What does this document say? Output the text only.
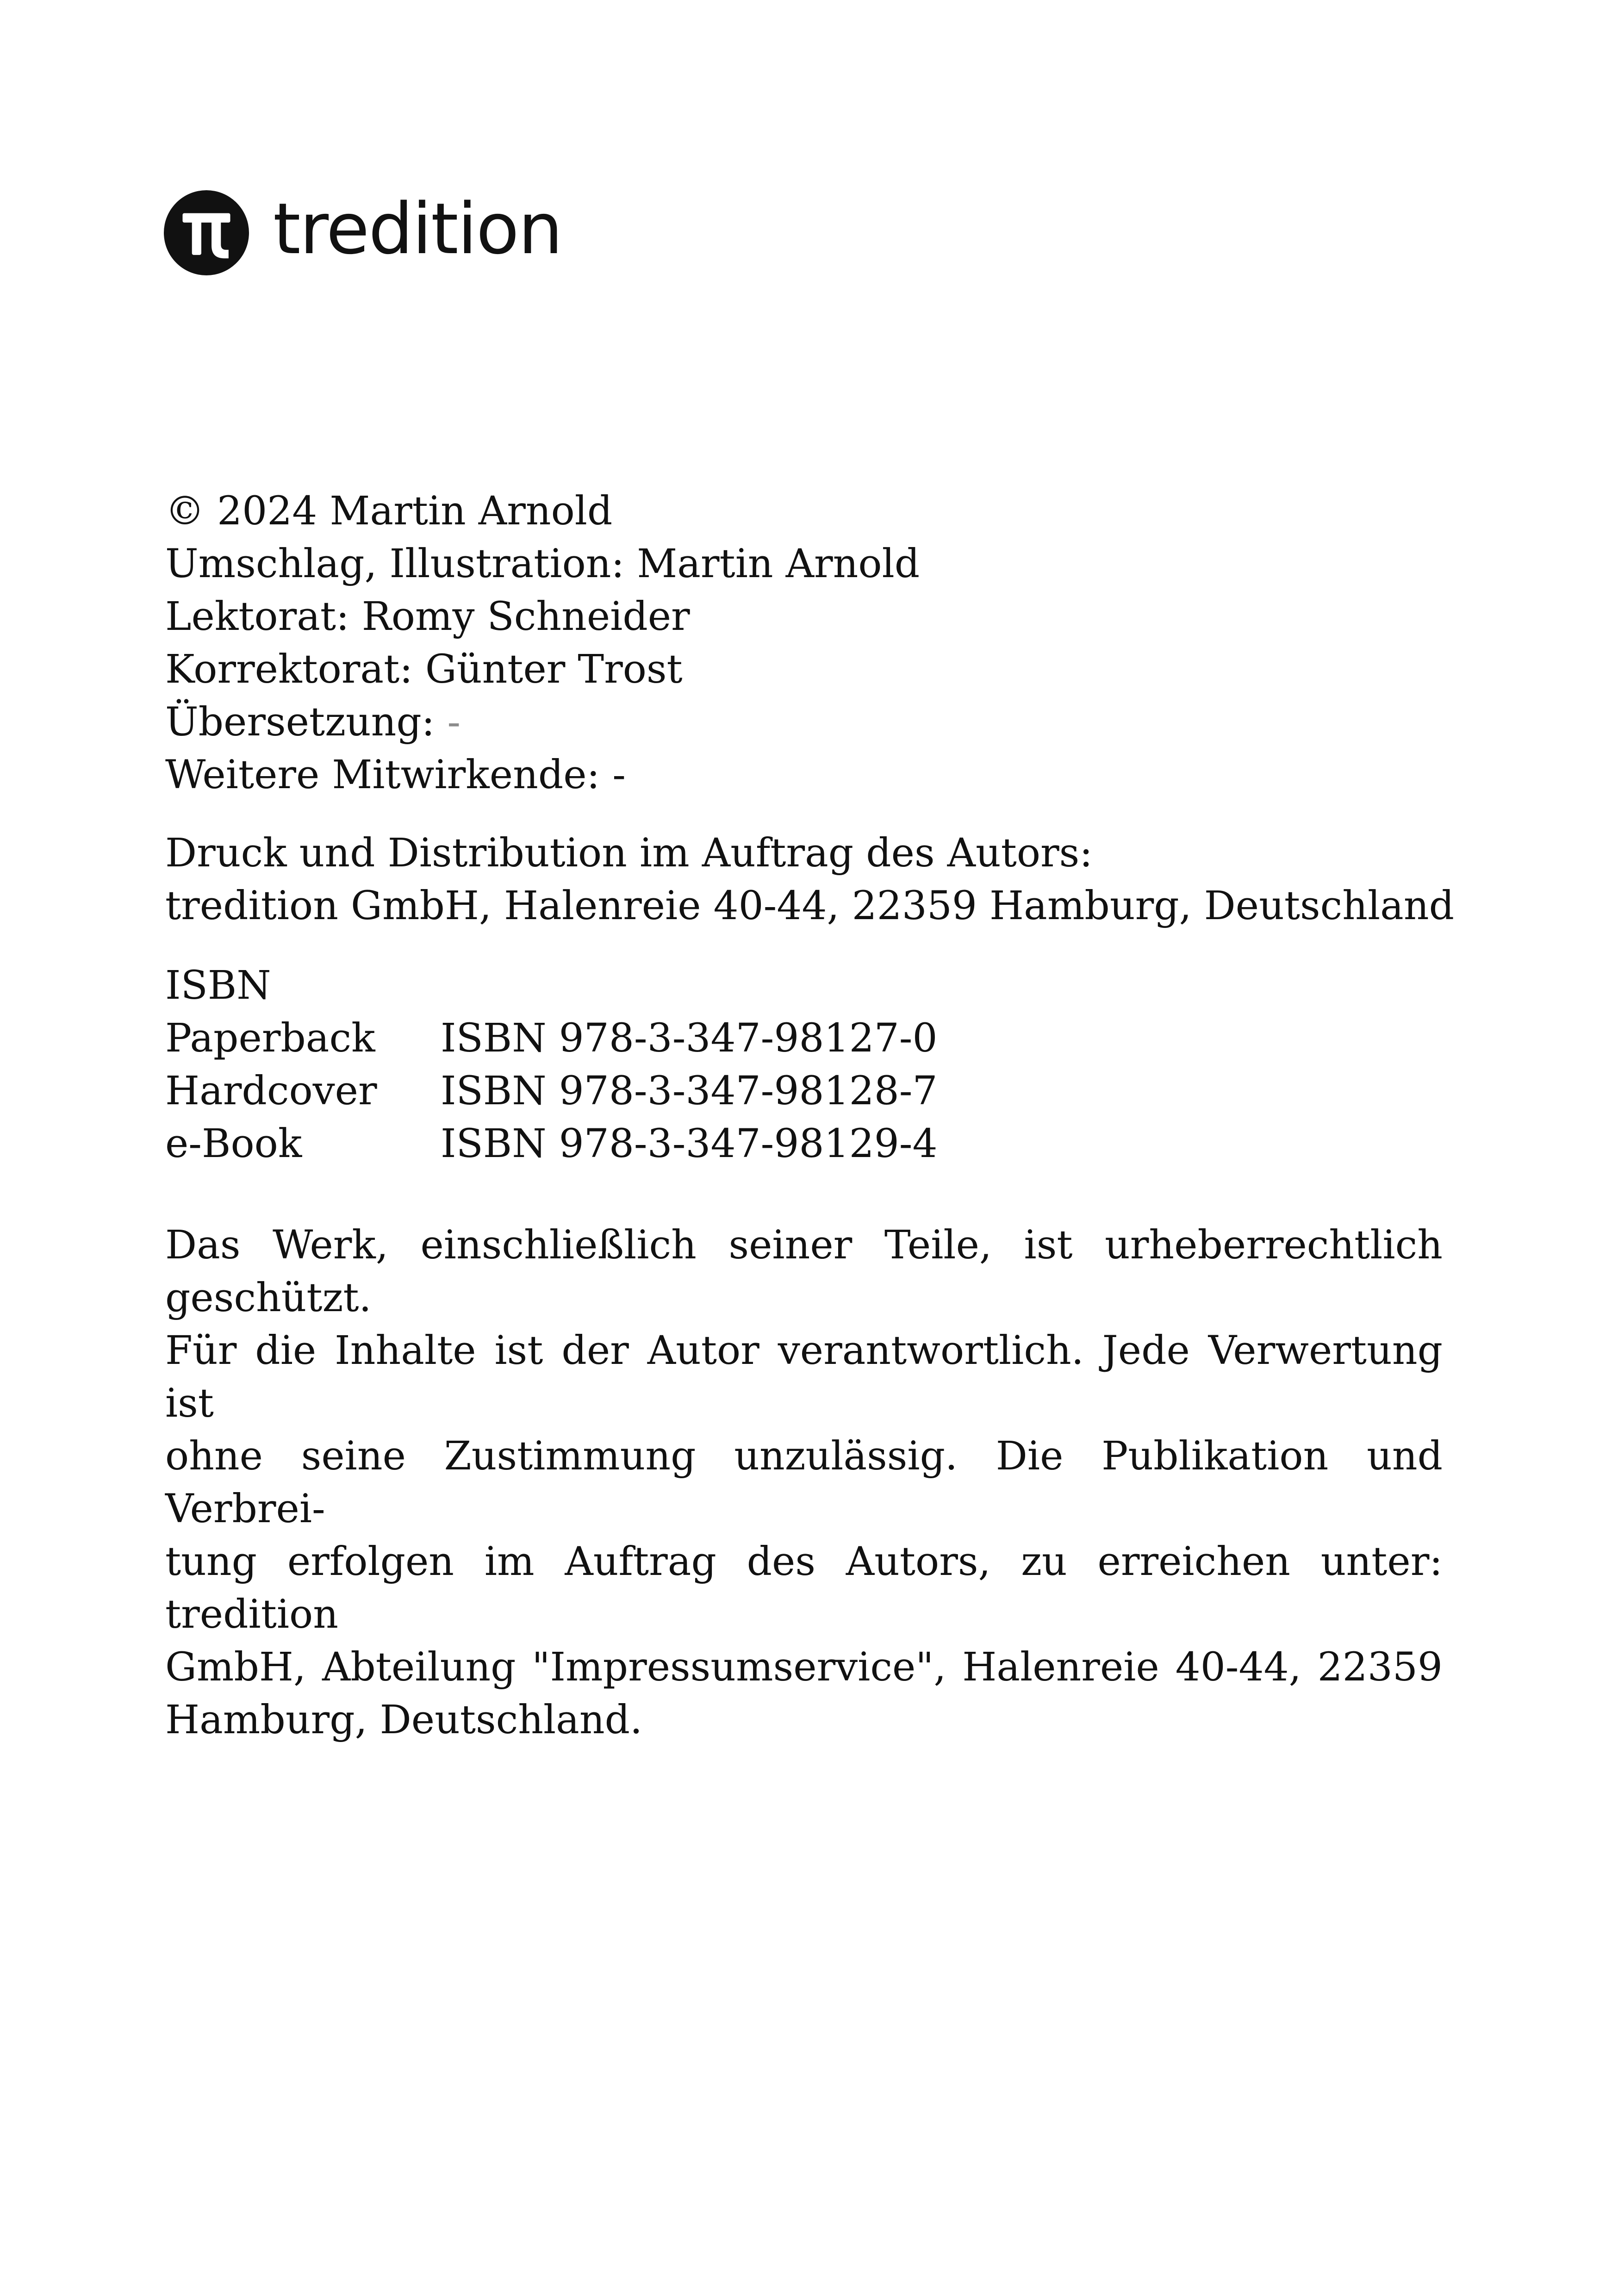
tredition
© 2024 Martin Arnold
Umschlag, Illustration: Martin Arnold
Lektorat: Romy Schneider
Korrektorat: Günter Trost
Übersetzung: -
Weitere Mitwirkende: -
Druck und Distribution im Auftrag des Autors:
tredition GmbH, Halenreie 40-44, 22359 Hamburg, Deutschland
ISBN
Paperback	ISBN 978-3-347-98127-0
Hardcover	ISBN 978-3-347-98128-7
e-Book	ISBN 978-3-347-98129-4
Das Werk, einschließlich seiner Teile, ist urheberrechtlich geschützt.
Für die Inhalte ist der Autor verantwortlich. Jede Verwertung ist
ohne seine Zustimmung unzulässig. Die Publikation und Verbrei-
tung erfolgen im Auftrag des Autors, zu erreichen unter: tredition
GmbH, Abteilung "Impressumservice", Halenreie 40-44, 22359
Hamburg, Deutschland.
